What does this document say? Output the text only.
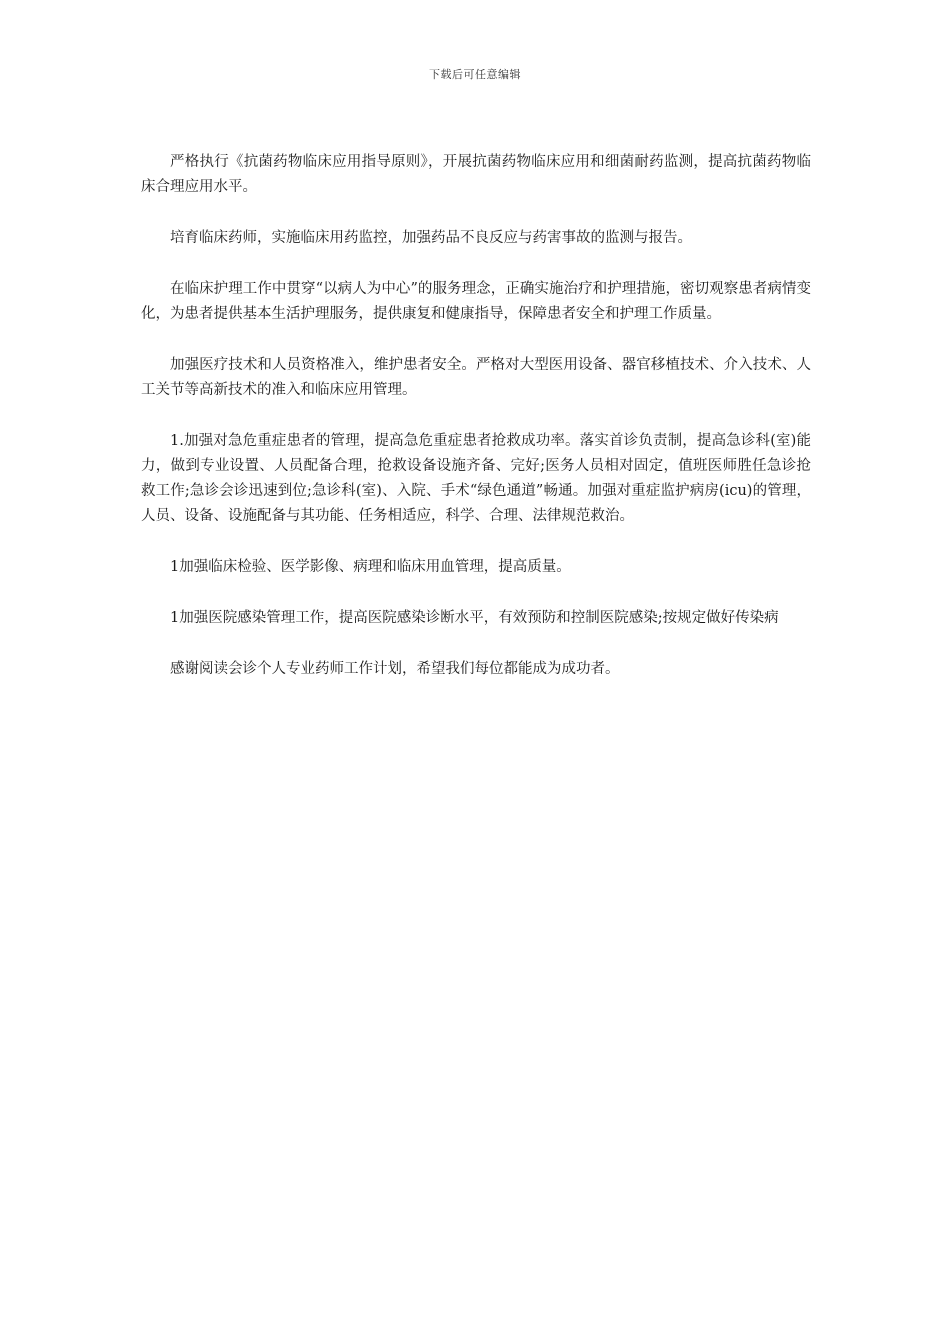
下载后可任意编辑

严格执行《抗菌药物临床应用指导原则》，开展抗菌药物临床应用和细菌耐药监测，提高抗菌药物临床合理应用水平。

培育临床药师，实施临床用药监控，加强药品不良反应与药害事故的监测与报告。

在临床护理工作中贯穿“以病人为中心”的服务理念，正确实施治疗和护理措施，密切观察患者病情变化，为患者提供基本生活护理服务，提供康复和健康指导，保障患者安全和护理工作质量。

加强医疗技术和人员资格准入，维护患者安全。严格对大型医用设备、器官移植技术、介入技术、人工关节等高新技术的准入和临床应用管理。

1.加强对急危重症患者的管理，提高急危重症患者抢救成功率。落实首诊负责制，提高急诊科(室)能力，做到专业设置、人员配备合理，抢救设备设施齐备、完好;医务人员相对固定，值班医师胜任急诊抢救工作;急诊会诊迅速到位;急诊科(室)、入院、手术“绿色通道”畅通。加强对重症监护病房(icu)的管理，人员、设备、设施配备与其功能、任务相适应，科学、合理、法律规范救治。

1加强临床检验、医学影像、病理和临床用血管理，提高质量。

1加强医院感染管理工作，提高医院感染诊断水平，有效预防和控制医院感染;按规定做好传染病

感谢阅读会诊个人专业药师工作计划，希望我们每位都能成为成功者。
